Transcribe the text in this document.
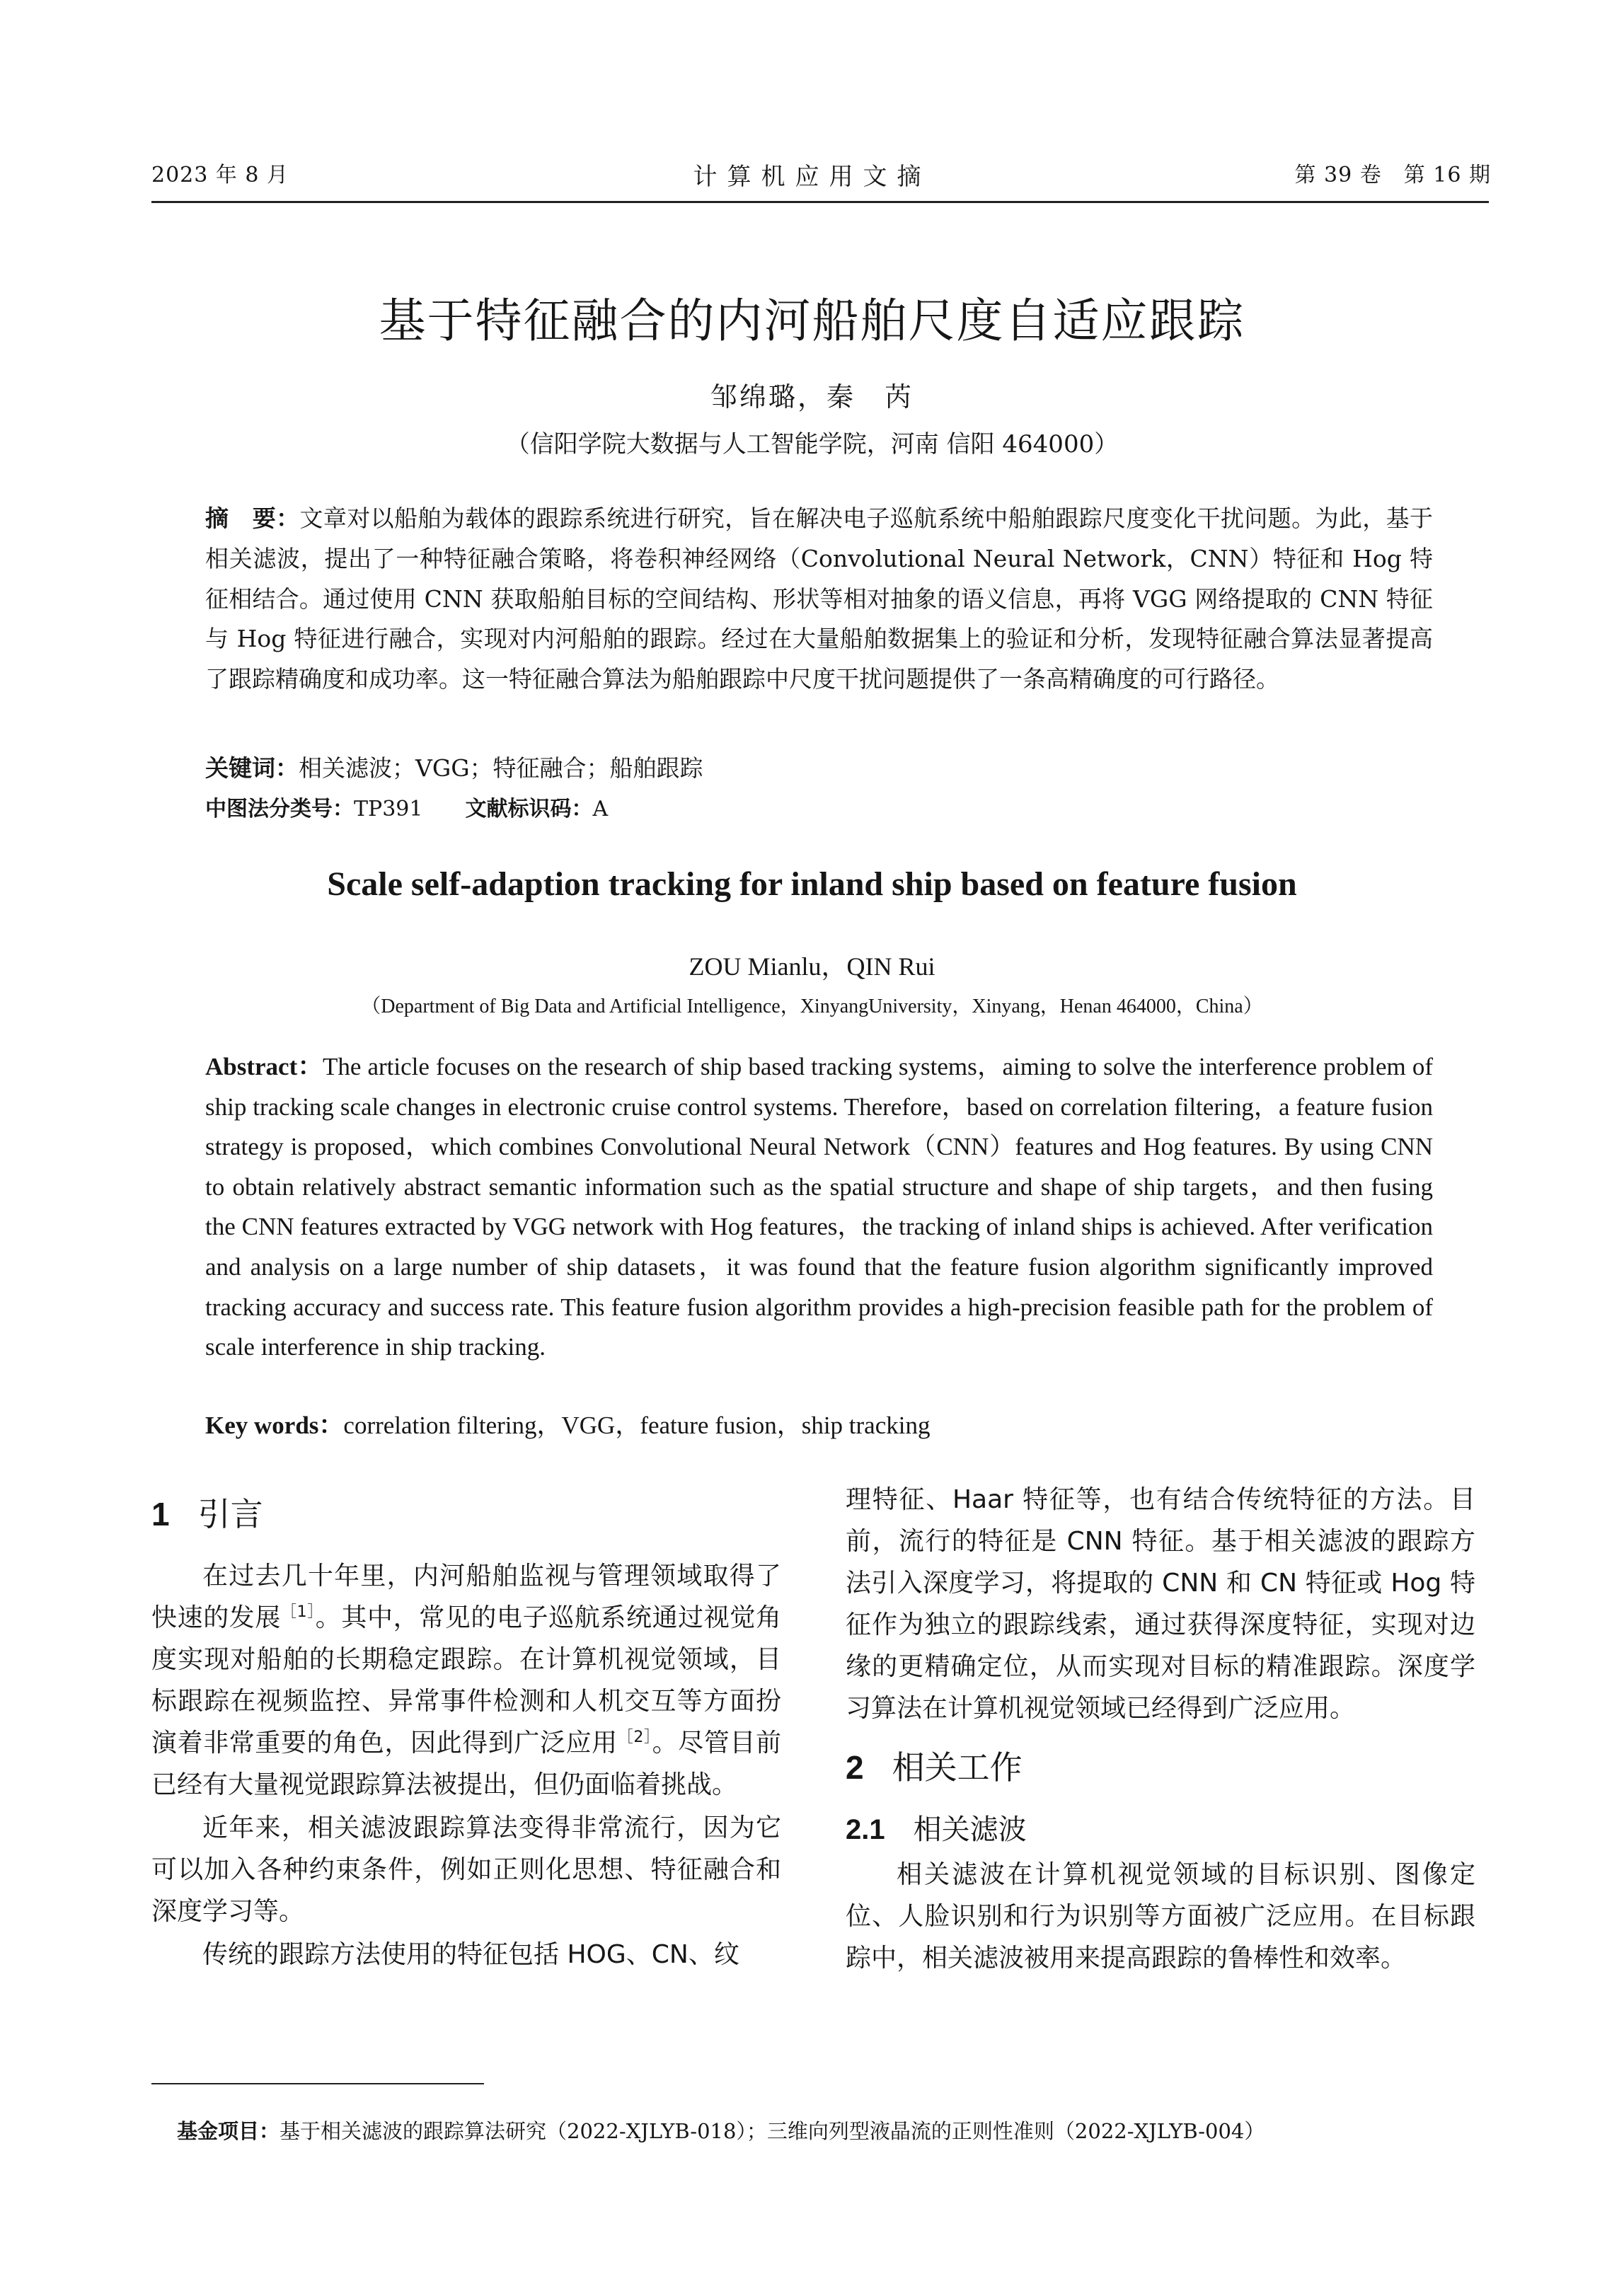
2023 年 8 月	计算机应用文摘	第 39 卷　第 16 期
基于特征融合的内河船舶尺度自适应跟踪
邹绵璐，秦　芮
（信阳学院大数据与人工智能学院，河南 信阳 464000）
摘　要：文章对以船舶为载体的跟踪系统进行研究，旨在解决电子巡航系统中船舶跟踪尺度变化干扰问题。为此，基于相关滤波，提出了一种特征融合策略，将卷积神经网络（Convolutional Neural Network，CNN）特征和 Hog 特征相结合。通过使用 CNN 获取船舶目标的空间结构、形状等相对抽象的语义信息，再将 VGG 网络提取的 CNN 特征与 Hog 特征进行融合，实现对内河船舶的跟踪。经过在大量船舶数据集上的验证和分析，发现特征融合算法显著提高了跟踪精确度和成功率。这一特征融合算法为船舶跟踪中尺度干扰问题提供了一条高精确度的可行路径。
关键词：相关滤波；VGG；特征融合；船舶跟踪
中图法分类号：TP391 文献标识码：A
Scale self-adaption tracking for inland ship based on feature fusion
ZOU Mianlu，QIN Rui
（Department of Big Data and Artificial Intelligence，XinyangUniversity，Xinyang，Henan 464000，China）
Abstract：The article focuses on the research of ship based tracking systems，aiming to solve the interference problem of ship tracking scale changes in electronic cruise control systems. Therefore，based on correlation filtering，a feature fusion strategy is proposed，which combines Convolutional Neural Network（CNN）features and Hog features. By using CNN to obtain relatively abstract semantic information such as the spatial structure and shape of ship targets，and then fusing the CNN features extracted by VGG network with Hog features，the tracking of inland ships is achieved. After verification and analysis on a large number of ship datasets，it was found that the feature fusion algorithm significantly improved tracking accuracy and success rate. This feature fusion algorithm provides a high-precision feasible path for the problem of scale interference in ship tracking.
Key words：correlation filtering，VGG，feature fusion，ship tracking
1 引言

在过去几十年里，内河船舶监视与管理领域取得了快速的发展$^{[1]}$。其中，常见的电子巡航系统通过视觉角度实现对船舶的长期稳定跟踪。在计算机视觉领域，目标跟踪在视频监控、异常事件检测和人机交互等方面扮演着非常重要的角色，因此得到广泛应用$^{[2]}$。尽管目前已经有大量视觉跟踪算法被提出，但仍面临着挑战。

近年来，相关滤波跟踪算法变得非常流行，因为它可以加入各种约束条件，例如正则化思想、特征融合和深度学习等。

传统的跟踪方法使用的特征包括 HOG、CN、纹

理特征、Haar 特征等，也有结合传统特征的方法。目前，流行的特征是 CNN 特征。基于相关滤波的跟踪方法引入深度学习，将提取的 CNN 和 CN 特征或 Hog 特征作为独立的跟踪线索，通过获得深度特征，实现对边缘的更精确定位，从而实现对目标的精准跟踪。深度学习算法在计算机视觉领域已经得到广泛应用。

2 相关工作
2.1 相关滤波

相关滤波在计算机视觉领域的目标识别、图像定位、人脸识别和行为识别等方面被广泛应用。在目标跟踪中，相关滤波被用来提高跟踪的鲁棒性和效率。

基金项目：基于相关滤波的跟踪算法研究（2022-XJLYB-018）；三维向列型液晶流的正则性准则（2022-XJLYB-004）
